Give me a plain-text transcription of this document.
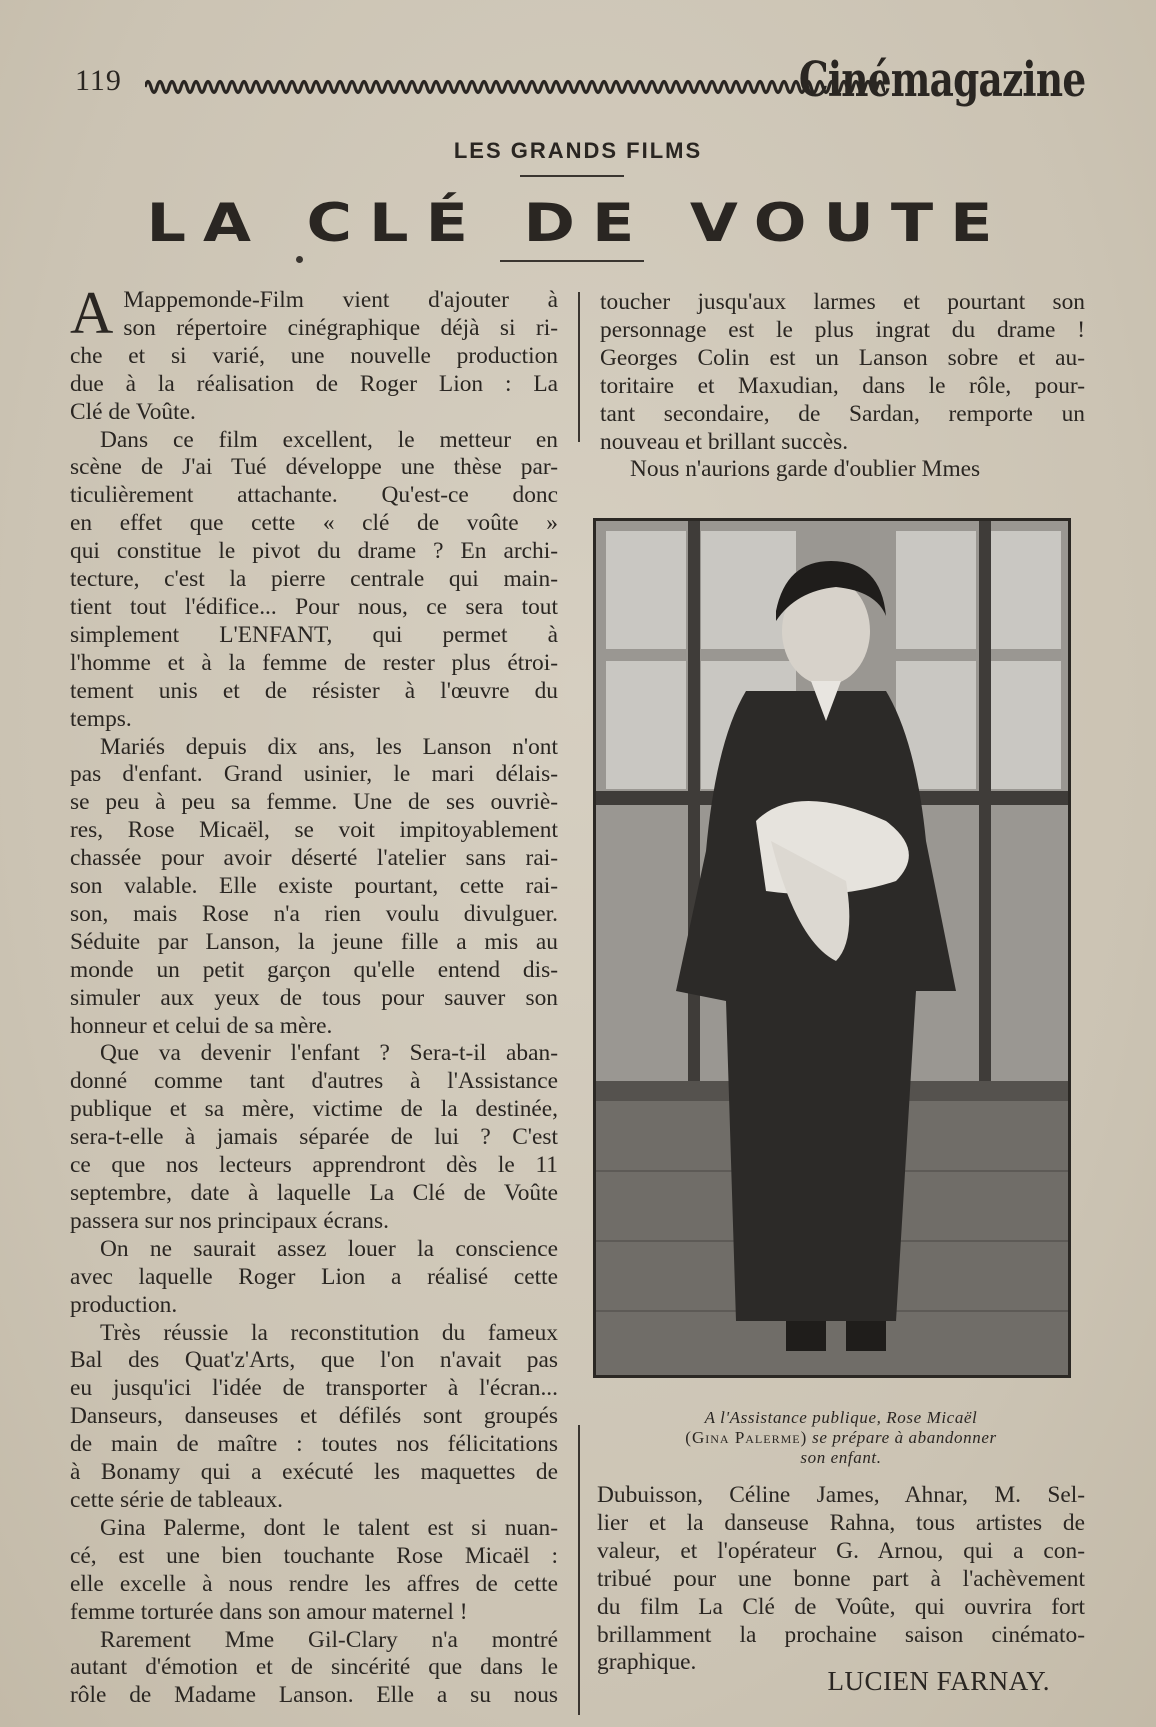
119	Cinémagazine
LES GRANDS FILMS
LA CLÉ DE VOUTE
A Mappemonde-Film vient d'ajouter à
son répertoire cinégraphique déjà si ri-
che et si varié, une nouvelle production
due à la réalisation de Roger Lion : La
Clé de Voûte.
Dans ce film excellent, le metteur en
scène de J'ai Tué développe une thèse par-
ticulièrement attachante. Qu'est-ce donc
en effet que cette « clé de voûte »
qui constitue le pivot du drame ? En archi-
tecture, c'est la pierre centrale qui main-
tient tout l'édifice... Pour nous, ce sera tout
simplement L'ENFANT, qui permet à
l'homme et à la femme de rester plus étroi-
tement unis et de résister à l'œuvre du
temps.
Mariés depuis dix ans, les Lanson n'ont
pas d'enfant. Grand usinier, le mari délais-
se peu à peu sa femme. Une de ses ouvriè-
res, Rose Micaël, se voit impitoyablement
chassée pour avoir déserté l'atelier sans rai-
son valable. Elle existe pourtant, cette rai-
son, mais Rose n'a rien voulu divulguer.
Séduite par Lanson, la jeune fille a mis au
monde un petit garçon qu'elle entend dis-
simuler aux yeux de tous pour sauver son
honneur et celui de sa mère.
Que va devenir l'enfant ? Sera-t-il aban-
donné comme tant d'autres à l'Assistance
publique et sa mère, victime de la destinée,
sera-t-elle à jamais séparée de lui ? C'est
ce que nos lecteurs apprendront dès le 11
septembre, date à laquelle La Clé de Voûte
passera sur nos principaux écrans.
On ne saurait assez louer la conscience
avec laquelle Roger Lion a réalisé cette
production.
Très réussie la reconstitution du fameux
Bal des Quat'z'Arts, que l'on n'avait pas
eu jusqu'ici l'idée de transporter à l'écran...
Danseurs, danseuses et défilés sont groupés
de main de maître : toutes nos félicitations
à Bonamy qui a exécuté les maquettes de
cette série de tableaux.
Gina Palerme, dont le talent est si nuan-
cé, est une bien touchante Rose Micaël :
elle excelle à nous rendre les affres de cette
femme torturée dans son amour maternel !
Rarement Mme Gil-Clary n'a montré
autant d'émotion et de sincérité que dans le
rôle de Madame Lanson. Elle a su nous
toucher jusqu'aux larmes et pourtant son
personnage est le plus ingrat du drame !
Georges Colin est un Lanson sobre et au-
toritaire et Maxudian, dans le rôle, pour-
tant secondaire, de Sardan, remporte un
nouveau et brillant succès.
Nous n'aurions garde d'oublier Mmes
A l'Assistance publique, Rose Micaël
(Gina Palerme) se prépare à abandonner
son enfant.
Dubuisson, Céline James, Ahnar, M. Sel-
lier et la danseuse Rahna, tous artistes de
valeur, et l'opérateur G. Arnou, qui a con-
tribué pour une bonne part à l'achèvement
du film La Clé de Voûte, qui ouvrira fort
brillamment la prochaine saison cinémato-
graphique.
LUCIEN FARNAY.
